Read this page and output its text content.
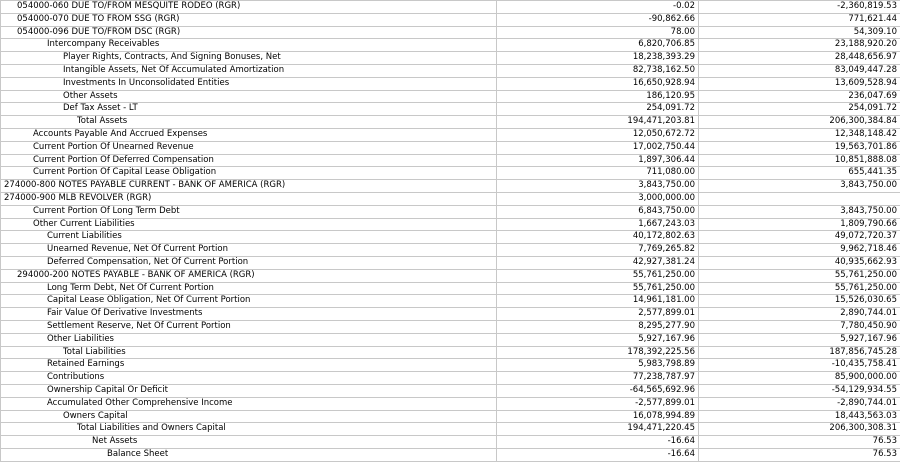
054000-060 DUE TO/FROM MESQUITE RODEO (RGR)	-0.02	-2,360,819.53
054000-070 DUE TO FROM SSG (RGR)	-90,862.66	771,621.44
054000-096 DUE TO/FROM DSC (RGR)	78.00	54,309.10
Intercompany Receivables	6,820,706.85	23,188,920.20
Player Rights, Contracts, And Signing Bonuses, Net	18,238,393.29	28,448,656.97
Intangible Assets, Net Of Accumulated Amortization	82,738,162.50	83,049,447.28
Investments In Unconsolidated Entities	16,650,928.94	13,609,528.94
Other Assets	186,120.95	236,047.69
Def Tax Asset - LT	254,091.72	254,091.72
Total Assets	194,471,203.81	206,300,384.84
Accounts Payable And Accrued Expenses	12,050,672.72	12,348,148.42
Current Portion Of Unearned Revenue	17,002,750.44	19,563,701.86
Current Portion Of Deferred Compensation	1,897,306.44	10,851,888.08
Current Portion Of Capital Lease Obligation	711,080.00	655,441.35
274000-800 NOTES PAYABLE CURRENT - BANK OF AMERICA (RGR)	3,843,750.00	3,843,750.00
274000-900 MLB REVOLVER (RGR)	3,000,000.00	
Current Portion Of Long Term Debt	6,843,750.00	3,843,750.00
Other Current Liabilities	1,667,243.03	1,809,790.66
Current Liabilities	40,172,802.63	49,072,720.37
Unearned Revenue, Net Of Current Portion	7,769,265.82	9,962,718.46
Deferred Compensation, Net Of Current Portion	42,927,381.24	40,935,662.93
294000-200 NOTES PAYABLE - BANK OF AMERICA (RGR)	55,761,250.00	55,761,250.00
Long Term Debt, Net Of Current Portion	55,761,250.00	55,761,250.00
Capital Lease Obligation, Net Of Current Portion	14,961,181.00	15,526,030.65
Fair Value Of Derivative Investments	2,577,899.01	2,890,744.01
Settlement Reserve, Net Of Current Portion	8,295,277.90	7,780,450.90
Other Liabilities	5,927,167.96	5,927,167.96
Total Liabilities	178,392,225.56	187,856,745.28
Retained Earnings	5,983,798.89	-10,435,758.41
Contributions	77,238,787.97	85,900,000.00
Ownership Capital Or Deficit	-64,565,692.96	-54,129,934.55
Accumulated Other Comprehensive Income	-2,577,899.01	-2,890,744.01
Owners Capital	16,078,994.89	18,443,563.03
Total Liabilities and Owners Capital	194,471,220.45	206,300,308.31
Net Assets	-16.64	76.53
Balance Sheet	-16.64	76.53
